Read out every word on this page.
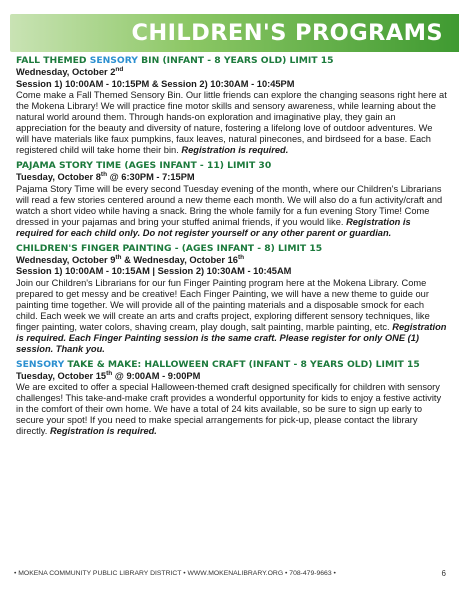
CHILDREN'S PROGRAMS

FALL THEMED SENSORY BIN (INFANT - 8 YEARS OLD) LIMIT 15

Wednesday, October 2nd

Session 1) 10:00AM - 10:15PM & Session 2) 10:30AM - 10:45PM

Come make a Fall Themed Sensory Bin. Our little friends can explore the changing seasons right here at the Mokena Library! We will practice fine motor skills and sensory awareness, while learning about the natural world around them. Through hands-on exploration and imaginative play, they gain an appreciation for the beauty and diversity of nature, fostering a lifelong love of outdoor adventures. We will have materials like faux pumpkins, faux leaves, natural pinecones, and birdseed for a base. Each registered child will take home their bin. Registration is required.

PAJAMA STORY TIME (AGES INFANT - 11) LIMIT 30

Tuesday, October 8th @ 6:30PM - 7:15PM

Pajama Story Time will be every second Tuesday evening of the month, where our Children's Librarians will read a few stories centered around a new theme each month. We will also do a fun activity/craft and watch a short video while having a snack. Bring the whole family for a fun evening Story Time! Come dressed in your pajamas and bring your stuffed animal friends, if you would like. Registration is required for each child only. Do not register yourself or any other parent or guardian.

CHILDREN'S FINGER PAINTING - (AGES INFANT - 8) LIMIT 15

Wednesday, October 9th & Wednesday, October 16th

Session 1) 10:00AM - 10:15AM | Session 2) 10:30AM - 10:45AM

Join our Children's Librarians for our fun Finger Painting program here at the Mokena Library. Come prepared to get messy and be creative! Each Finger Painting, we will have a new theme to guide our painting time together. We will provide all of the painting materials and a disposable smock for each child. Each week we will create an arts and crafts project, exploring different sensory techniques, like finger painting, water colors, shaving cream, play dough, salt painting, marble painting, etc. Registration is required. Each Finger Painting session is the same craft. Please register for only ONE (1) session. Thank you.

SENSORY TAKE & MAKE: HALLOWEEN CRAFT (INFANT - 8 YEARS OLD) LIMIT 15

Tuesday, October 15th @ 9:00AM - 9:00PM

We are excited to offer a special Halloween-themed craft designed specifically for children with sensory challenges! This take-and-make craft provides a wonderful opportunity for kids to enjoy a festive activity in the comfort of their own home. We have a total of 24 kits available, so be sure to sign up early to secure your spot! If you need to make special arrangements for pick-up, please contact the library directly. Registration is required.

• MOKENA COMMUNITY PUBLIC LIBRARY DISTRICT • WWW.MOKENALIBRARY.ORG • 708-479-9663 •	6
